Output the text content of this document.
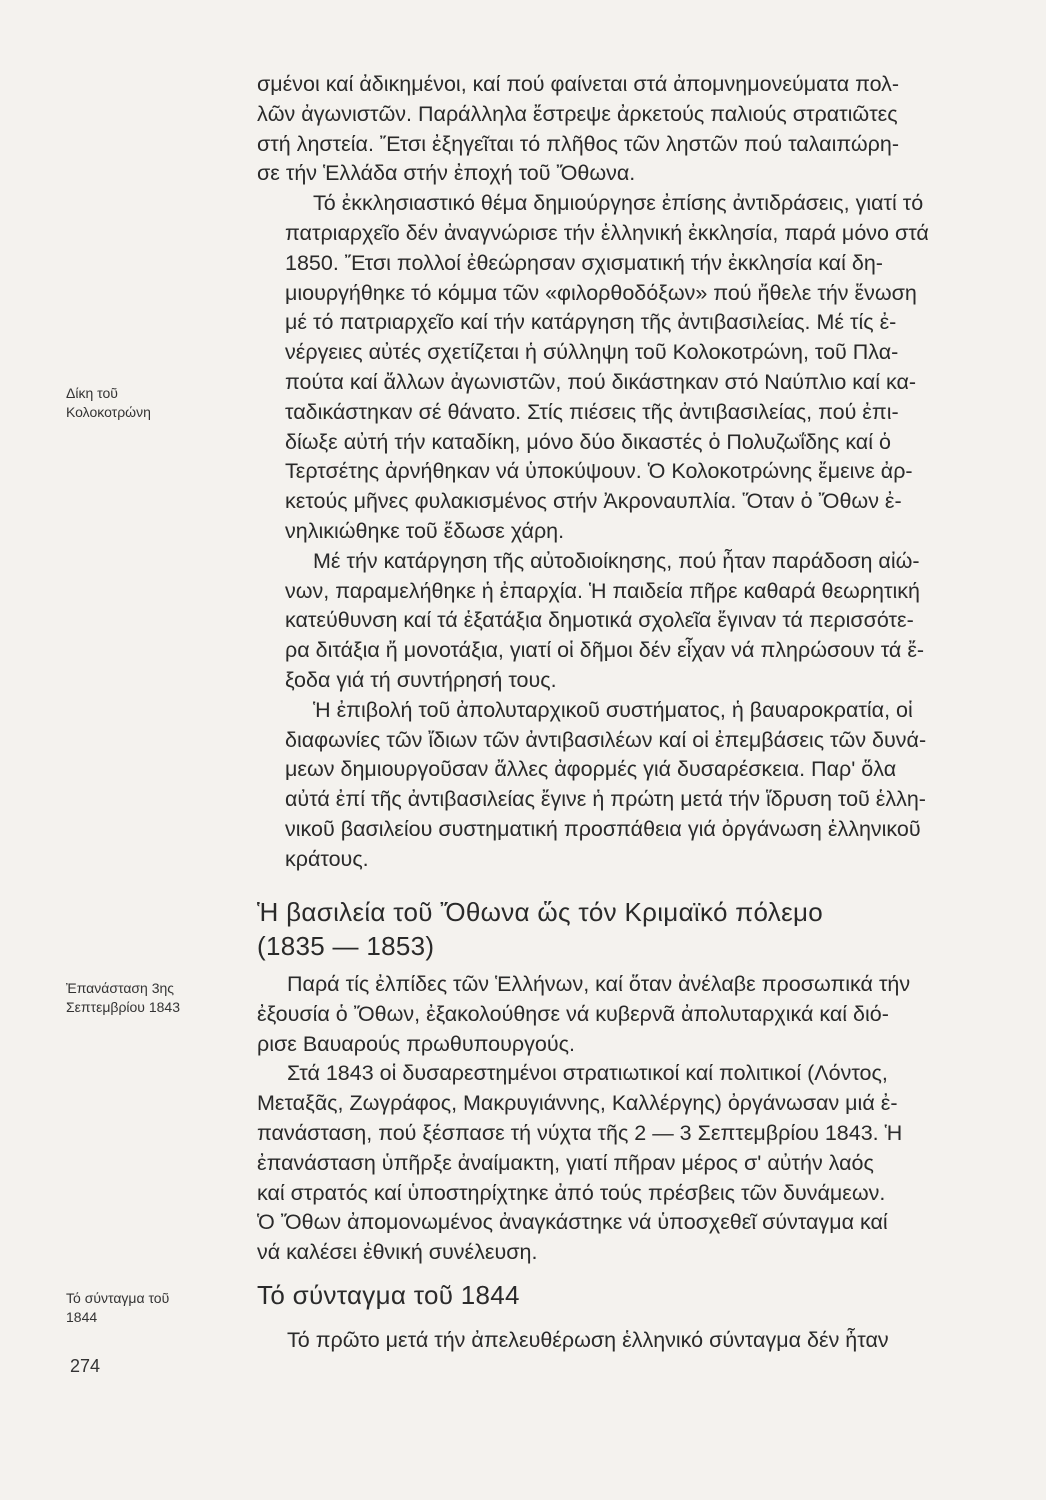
Δίκη τοῦ
Κολοκοτρώνη
Ἐπανάσταση 3ης
Σεπτεμβρίου 1843
Τό σύνταγμα τοῦ
1844

σμένοι καί ἀδικημένοι, καί πού φαίνεται στά ἀπομνημονεύματα πολ-
λῶν ἀγωνιστῶν. Παράλληλα ἔστρεψε ἀρκετούς παλιούς στρατιῶτες
στή ληστεία. Ἔτσι ἐξηγεῖται τό πλῆθος τῶν ληστῶν πού ταλαιπώρη-
σε τήν Ἑλλάδα στήν ἐποχή τοῦ Ὄθωνα.

Τό ἐκκλησιαστικό θέμα δημιούργησε ἐπίσης ἀντιδράσεις, γιατί τό
πατριαρχεῖο δέν ἀναγνώρισε τήν ἑλληνική ἐκκλησία, παρά μόνο στά
1850. Ἔτσι πολλοί ἐθεώρησαν σχισματική τήν ἐκκλησία καί δη-
μιουργήθηκε τό κόμμα τῶν «φιλορθοδόξων» πού ἤθελε τήν ἕνωση
μέ τό πατριαρχεῖο καί τήν κατάργηση τῆς ἀντιβασιλείας. Μέ τίς ἐ-
νέργειες αὐτές σχετίζεται ἡ σύλληψη τοῦ Κολοκοτρώνη, τοῦ Πλα-
πούτα καί ἄλλων ἀγωνιστῶν, πού δικάστηκαν στό Ναύπλιο καί κα-
ταδικάστηκαν σέ θάνατο. Στίς πιέσεις τῆς ἀντιβασιλείας, πού ἐπι-
δίωξε αὐτή τήν καταδίκη, μόνο δύο δικαστές ὁ Πολυζωΐδης καί ὁ
Τερτσέτης ἀρνήθηκαν νά ὑποκύψουν. Ὁ Κολοκοτρώνης ἔμεινε ἀρ-
κετούς μῆνες φυλακισμένος στήν Ἀκροναυπλία. Ὅταν ὁ Ὄθων ἐ-
νηλικιώθηκε τοῦ ἔδωσε χάρη.

Μέ τήν κατάργηση τῆς αὐτοδιοίκησης, πού ἦταν παράδοση αἰώ-
νων, παραμελήθηκε ἡ ἐπαρχία. Ἡ παιδεία πῆρε καθαρά θεωρητική
κατεύθυνση καί τά ἑξατάξια δημοτικά σχολεῖα ἔγιναν τά περισσότε-
ρα διτάξια ἤ μονοτάξια, γιατί οἱ δῆμοι δέν εἶχαν νά πληρώσουν τά ἔ-
ξοδα γιά τή συντήρησή τους.

Ἡ ἐπιβολή τοῦ ἀπολυταρχικοῦ συστήματος, ἡ βαυαροκρατία, οἱ
διαφωνίες τῶν ἴδιων τῶν ἀντιβασιλέων καί οἱ ἐπεμβάσεις τῶν δυνά-
μεων δημιουργοῦσαν ἄλλες ἀφορμές γιά δυσαρέσκεια. Παρ' ὅλα
αὐτά ἐπί τῆς ἀντιβασιλείας ἔγινε ἡ πρώτη μετά τήν ἵδρυση τοῦ ἑλλη-
νικοῦ βασιλείου συστηματική προσπάθεια γιά ὀργάνωση ἑλληνικοῦ
κράτους.

Ἡ βασιλεία τοῦ Ὄθωνα ὥς τόν Κριμαϊκό πόλεμο
(1835 — 1853)

Παρά τίς ἐλπίδες τῶν Ἑλλήνων, καί ὅταν ἀνέλαβε προσωπικά τήν
ἐξουσία ὁ Ὄθων, ἐξακολούθησε νά κυβερνᾶ ἀπολυταρχικά καί διό-
ρισε Βαυαρούς πρωθυπουργούς.

Στά 1843 οἱ δυσαρεστημένοι στρατιωτικοί καί πολιτικοί (Λόντος,
Μεταξᾶς, Ζωγράφος, Μακρυγιάννης, Καλλέργης) ὀργάνωσαν μιά ἐ-
πανάσταση, πού ξέσπασε τή νύχτα τῆς 2 — 3 Σεπτεμβρίου 1843. Ἡ
ἐπανάσταση ὑπῆρξε ἀναίμακτη, γιατί πῆραν μέρος σ' αὐτήν λαός
καί στρατός καί ὑποστηρίχτηκε ἀπό τούς πρέσβεις τῶν δυνάμεων.
Ὁ Ὄθων ἀπομονωμένος ἀναγκάστηκε νά ὑποσχεθεῖ σύνταγμα καί
νά καλέσει ἐθνική συνέλευση.

Τό σύνταγμα τοῦ 1844

Τό πρῶτο μετά τήν ἀπελευθέρωση ἑλληνικό σύνταγμα δέν ἦταν

274
